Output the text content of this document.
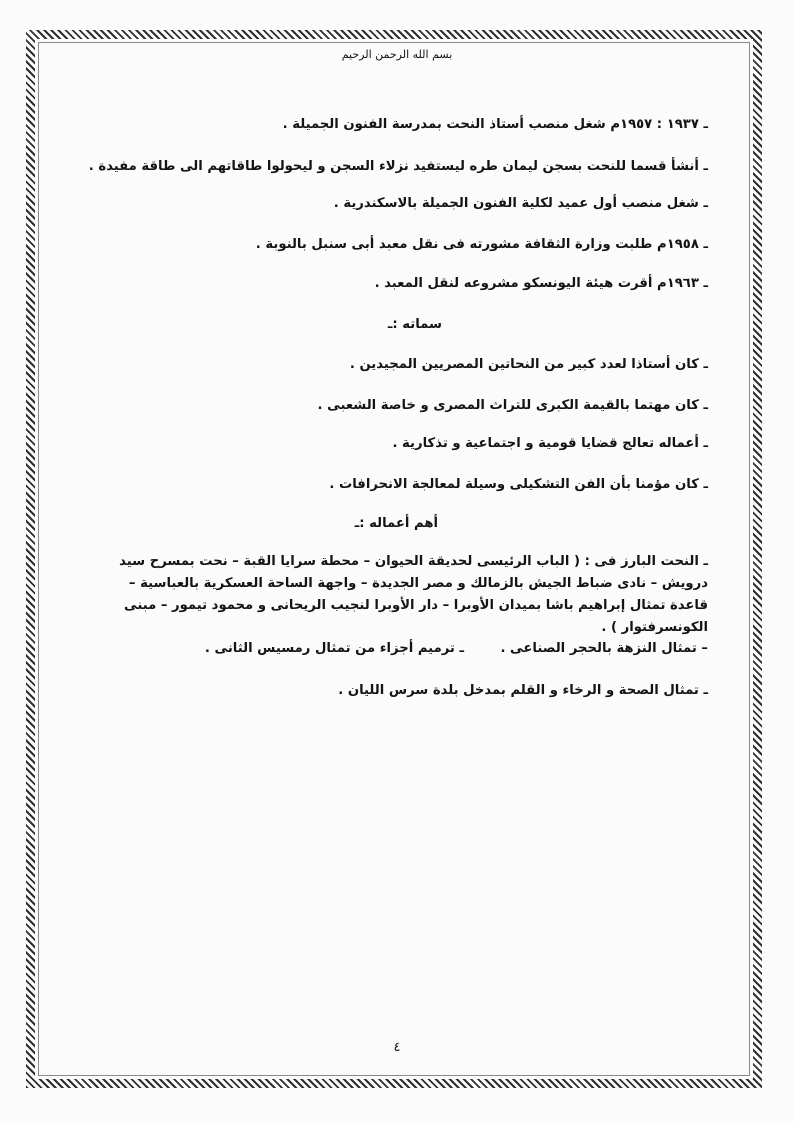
بسم الله الرحمن الرحيم
ـ ١٩٣٧ : ١٩٥٧م شغل منصب أستاذ النحت بمدرسة الفنون الجميلة .
ـ أنشأ قسما للنحت بسجن ليمان طره ليستفيد نزلاء السجن و ليحولوا طاقاتهم الى طاقة مفيدة .
ـ شغل منصب أول عميد لكلية الفنون الجميلة بالاسكندرية .
ـ ١٩٥٨م طلبت وزارة الثقافة مشورته فى نقل معبد أبى سنبل بالنوبة .
ـ ١٩٦٣م أقرت هيئة اليونسكو مشروعه لنقل المعبد .
سماته :ـ
ـ كان أستاذا لعدد كبير من النحاتين المصريين المجيدين .
ـ كان مهتما بالقيمة الكبرى للتراث المصرى و خاصة الشعبى .
ـ أعماله تعالج قضايا قومية و اجتماعية و تذكارية .
ـ كان مؤمنا بأن الفن التشكيلى وسيلة لمعالجة الانحرافات .
أهم أعماله :ـ
ـ النحت البارز فى : ( الباب الرئيسى لحديقة الحيوان – محطة سرايا القبة – نحت بمسرح سيد درويش – نادى ضباط الجيش بالزمالك و مصر الجديدة – واجهة الساحة العسكرية بالعباسية – قاعدة تمثال إبراهيم باشا بميدان الأوبرا – دار الأوبرا لنجيب الريحانى و محمود تيمور – مبنى الكونسرفتوار ) .
ـ ترميم أجزاء من تمثال رمسيس الثانى .	– تمثال النزهة بالحجر الصناعى .
ـ تمثال الصحة و الرخاء و القلم بمدخل بلدة سرس الليان .
٤
